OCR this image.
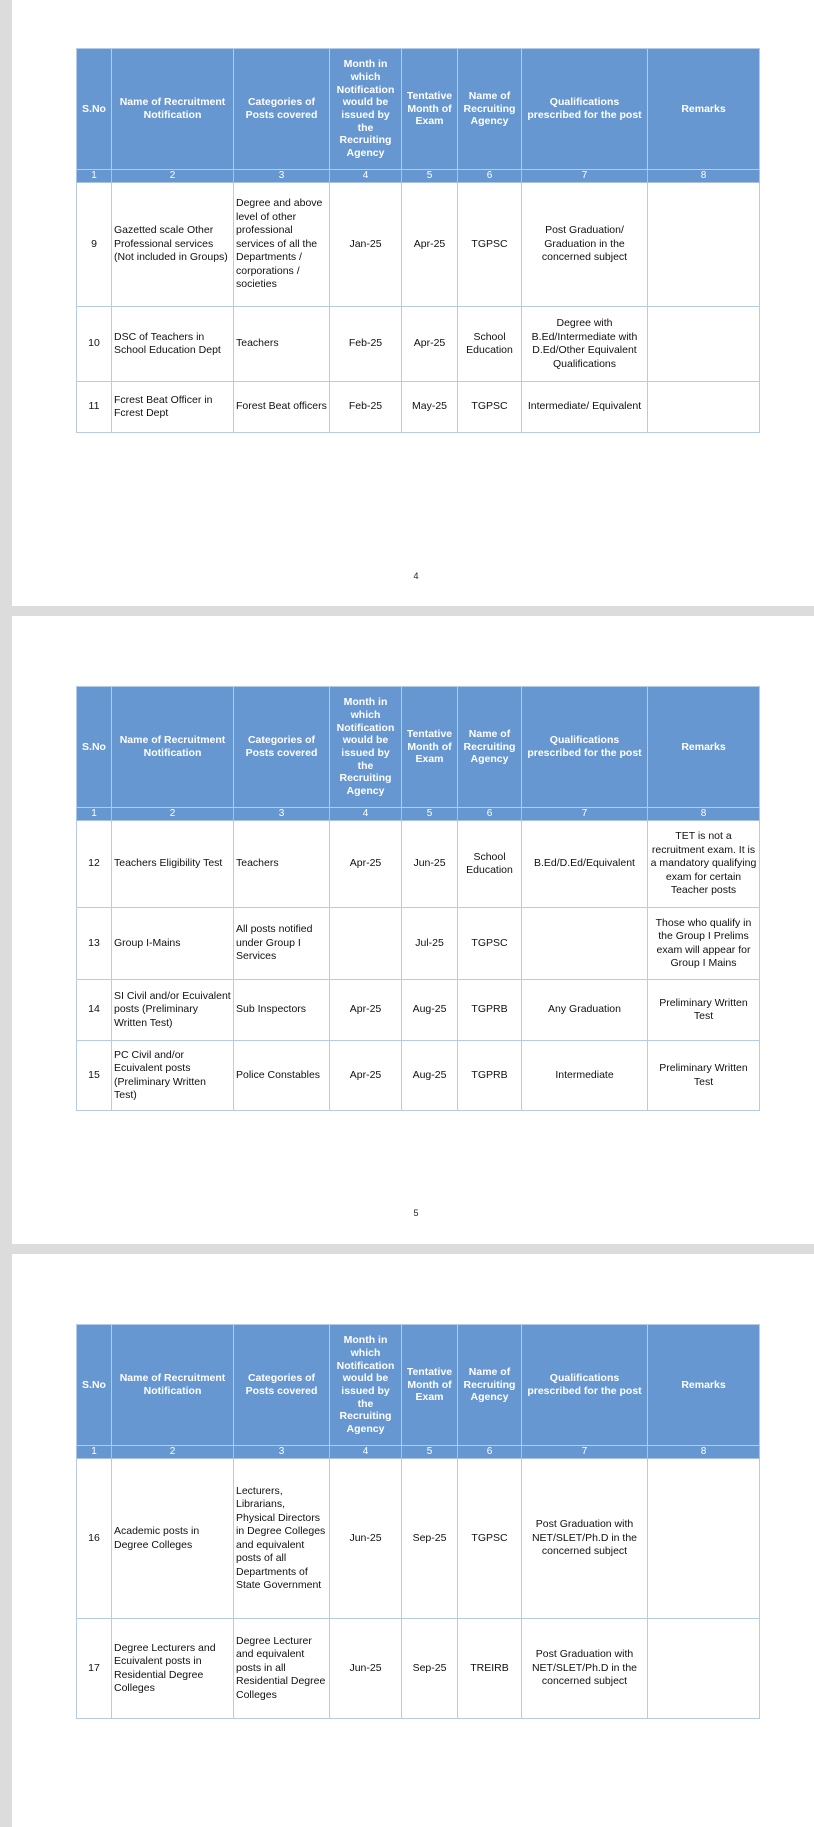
S.No	Name of Recruitment Notification	Categories of Posts covered	Month in which Notification would be issued by the Recruiting Agency	Tentative Month of Exam	Name of Recruiting Agency	Qualifications prescribed for the post	Remarks
1	2	3	4	5	6	7	8
9	Gazetted scale Other Professional services (Not included in Groups)	Degree and above level of other professional services of all the Departments / corporations / societies	Jan-25	Apr-25	TGPSC	Post Graduation/ Graduation in the concerned subject	
10	DSC of Teachers in School Education Dept	Teachers	Feb-25	Apr-25	School Education	Degree with B.Ed/Intermediate with D.Ed/Other Equivalent Qualifications	
11	Fcrest Beat Officer in Fcrest Dept	Forest Beat officers	Feb-25	May-25	TGPSC	Intermediate/ Equivalent	
4
S.No	Name of Recruitment Notification	Categories of Posts covered	Month in which Notification would be issued by the Recruiting Agency	Tentative Month of Exam	Name of Recruiting Agency	Qualifications prescribed for the post	Remarks
1	2	3	4	5	6	7	8
12	Teachers Eligibility Test	Teachers	Apr-25	Jun-25	School Education	B.Ed/D.Ed/Equivalent	TET is not a recruitment exam. It is a mandatory qualifying exam for certain Teacher posts
13	Group I-Mains	All posts notified under Group I Services		Jul-25	TGPSC		Those who qualify in the Group I Prelims exam will appear for Group I Mains
14	SI Civil and/or Ecuivalent posts (Preliminary Written Test)	Sub Inspectors	Apr-25	Aug-25	TGPRB	Any Graduation	Preliminary Written Test
15	PC Civil and/or Ecuivalent posts (Preliminary Written Test)	Police Constables	Apr-25	Aug-25	TGPRB	Intermediate	Preliminary Written Test
5
S.No	Name of Recruitment Notification	Categories of Posts covered	Month in which Notification would be issued by the Recruiting Agency	Tentative Month of Exam	Name of Recruiting Agency	Qualifications prescribed for the post	Remarks
1	2	3	4	5	6	7	8
16	Academic posts in Degree Colleges	Lecturers, Librarians, Physical Directors in Degree Colleges and equivalent posts of all Departments of State Government	Jun-25	Sep-25	TGPSC	Post Graduation with NET/SLET/Ph.D in the concerned subject	
17	Degree Lecturers and Ecuivalent posts in Residential Degree Colleges	Degree Lecturer and equivalent posts in all Residential Degree Colleges	Jun-25	Sep-25	TREIRB	Post Graduation with NET/SLET/Ph.D in the concerned subject	
